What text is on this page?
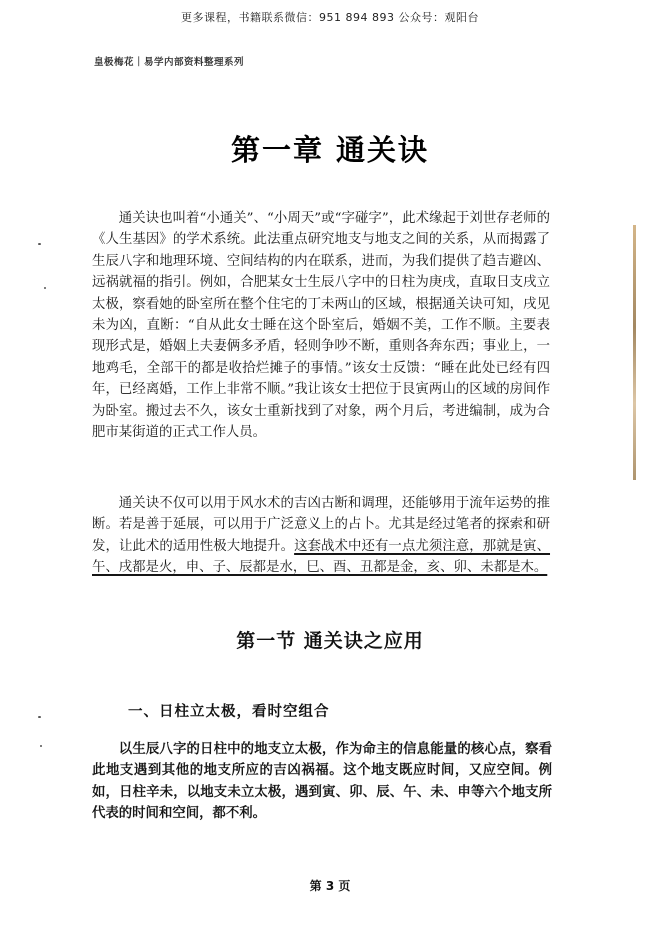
更多课程，书籍联系微信：951 894 893 公众号：观阳台
皇极梅花｜易学内部资料整理系列
第一章 通关诀

通关诀也叫着“小通关”、“小周天”或“字碰字”，此术缘起于刘世存老师的《人生基因》的学术系统。此法重点研究地支与地支之间的关系，从而揭露了生辰八字和地理环境、空间结构的内在联系，进而，为我们提供了趋吉避凶、远祸就福的指引。例如，合肥某女士生辰八字中的日柱为庚戌，直取日支戌立太极，察看她的卧室所在整个住宅的丁未两山的区域，根据通关诀可知，戌见未为凶，直断：“自从此女士睡在这个卧室后，婚姻不美，工作不顺。主要表现形式是，婚姻上夫妻俩多矛盾，轻则争吵不断，重则各奔东西；事业上，一地鸡毛，全部干的都是收拾烂摊子的事情。”该女士反馈：“睡在此处已经有四年，已经离婚，工作上非常不顺。”我让该女士把位于艮寅两山的区域的房间作为卧室。搬过去不久，该女士重新找到了对象，两个月后，考进编制，成为合肥市某街道的正式工作人员。

通关诀不仅可以用于风水术的吉凶古断和调理，还能够用于流年运势的推断。若是善于延展，可以用于广泛意义上的占卜。尤其是经过笔者的探索和研发，让此术的适用性极大地提升。这套战术中还有一点尤须注意，那就是寅、午、戌都是火，申、子、辰都是水，巳、酉、丑都是金，亥、卯、未都是木。

第一节 通关诀之应用
一、日柱立太极，看时空组合

以生辰八字的日柱中的地支立太极，作为命主的信息能量的核心点，察看此地支遇到其他的地支所应的吉凶祸福。这个地支既应时间，又应空间。例如，日柱辛未，以地支未立太极，遇到寅、卯、辰、午、未、申等六个地支所代表的时间和空间，都不利。

第 3 页
